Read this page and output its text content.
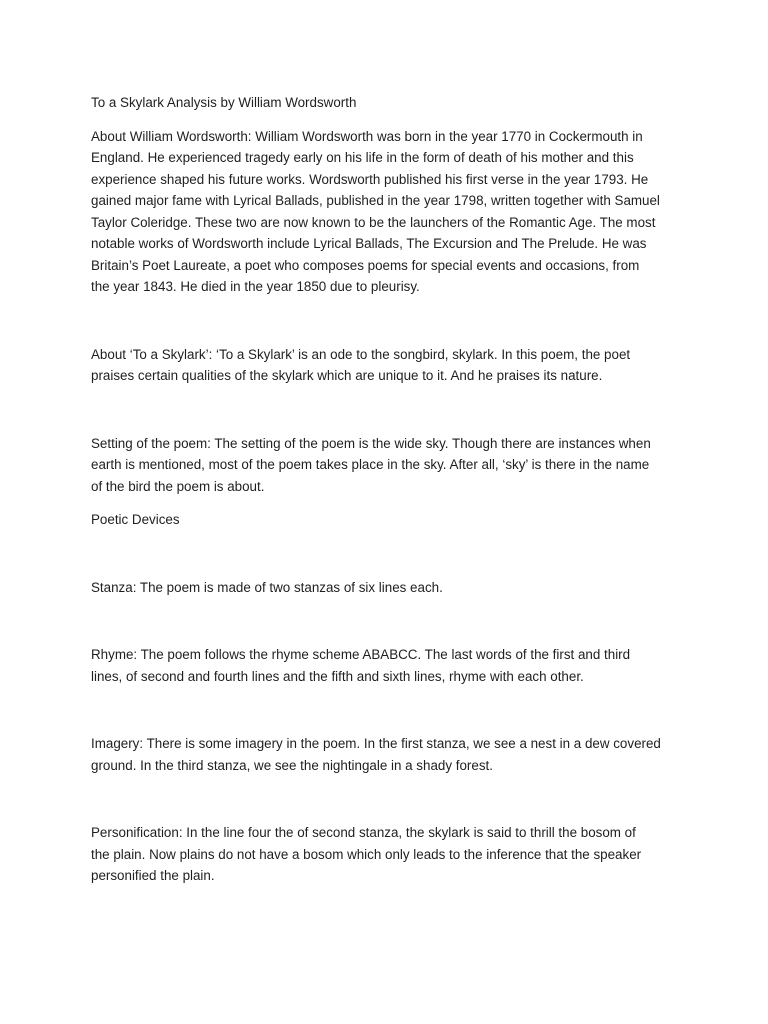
To a Skylark Analysis by William Wordsworth

About William Wordsworth: William Wordsworth was born in the year 1770 in Cockermouth in
England. He experienced tragedy early on his life in the form of death of his mother and this
experience shaped his future works. Wordsworth published his first verse in the year 1793. He
gained major fame with Lyrical Ballads, published in the year 1798, written together with Samuel
Taylor Coleridge. These two are now known to be the launchers of the Romantic Age. The most
notable works of Wordsworth include Lyrical Ballads, The Excursion and The Prelude. He was
Britain’s Poet Laureate, a poet who composes poems for special events and occasions, from
the year 1843. He died in the year 1850 due to pleurisy.

About ‘To a Skylark’: ‘To a Skylark’ is an ode to the songbird, skylark. In this poem, the poet
praises certain qualities of the skylark which are unique to it. And he praises its nature.

Setting of the poem: The setting of the poem is the wide sky. Though there are instances when
earth is mentioned, most of the poem takes place in the sky. After all, ‘sky’ is there in the name
of the bird the poem is about.

Poetic Devices

Stanza: The poem is made of two stanzas of six lines each.

Rhyme: The poem follows the rhyme scheme ABABCC. The last words of the first and third
lines, of second and fourth lines and the fifth and sixth lines, rhyme with each other.

Imagery: There is some imagery in the poem. In the first stanza, we see a nest in a dew covered
ground. In the third stanza, we see the nightingale in a shady forest.

Personification: In the line four the of second stanza, the skylark is said to thrill the bosom of
the plain. Now plains do not have a bosom which only leads to the inference that the speaker
personified the plain.
